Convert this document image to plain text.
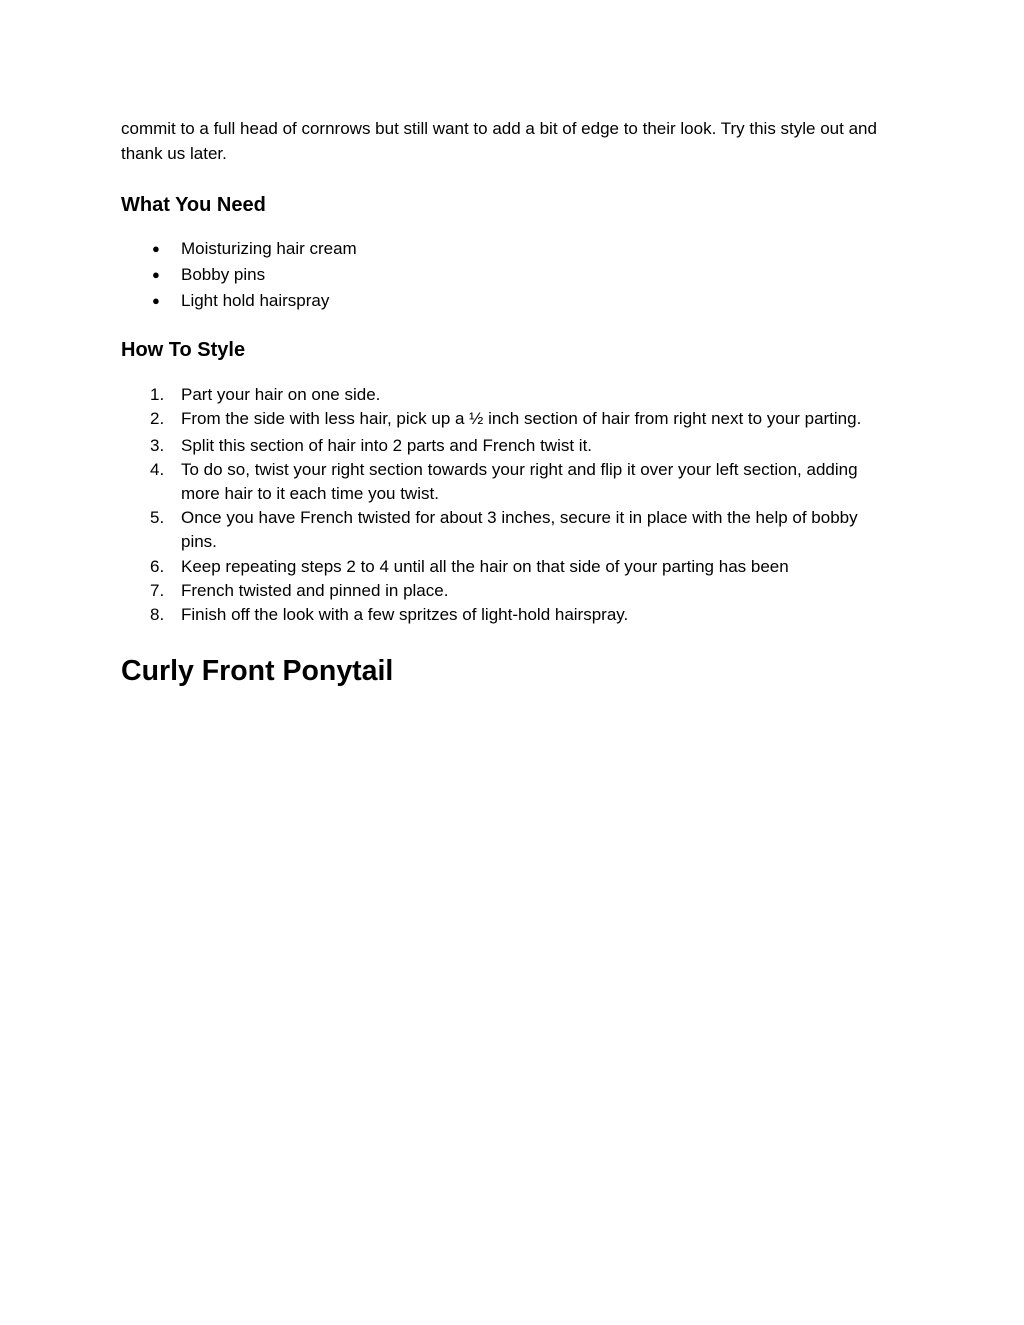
commit to a full head of cornrows but still want to add a bit of edge to their look. Try this style out and thank us later.

What You Need
● Moisturizing hair cream
● Bobby pins
● Light hold hairspray
How To Style
1. Part your hair on one side.
2. From the side with less hair, pick up a ½ inch section of hair from right next to your parting.
3. Split this section of hair into 2 parts and French twist it.
4. To do so, twist your right section towards your right and flip it over your left section, adding more hair to it each time you twist.
5. Once you have French twisted for about 3 inches, secure it in place with the help of bobby pins.
6. Keep repeating steps 2 to 4 until all the hair on that side of your parting has been
7. French twisted and pinned in place.
8. Finish off the look with a few spritzes of light-hold hairspray.
Curly Front Ponytail
